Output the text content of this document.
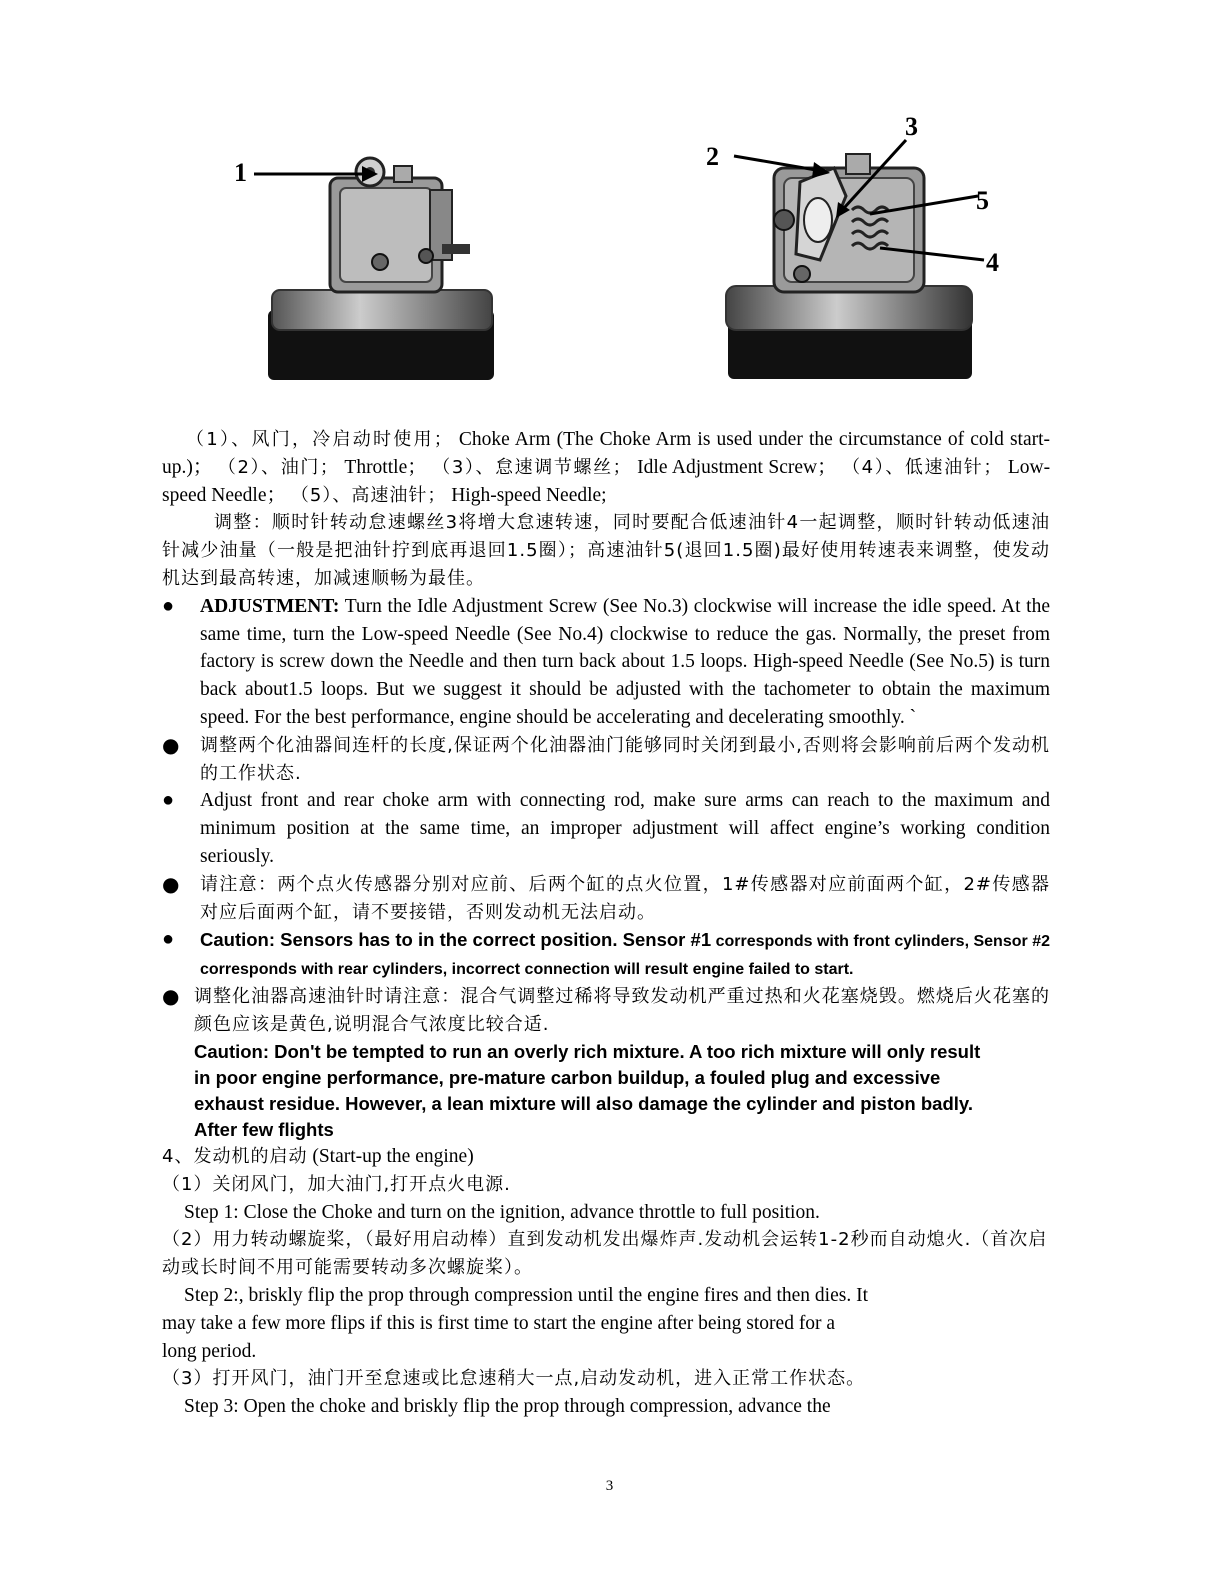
1
2
3
5
4

（1）、风门，冷启动时使用； Choke Arm (The Choke Arm is used under the circumstance of cold start-up.)； （2）、油门； Throttle； （3）、怠速调节螺丝； Idle Adjustment Screw； （4）、低速油针； Low-speed Needle； （5）、高速油针； High-speed Needle;

调整：顺时针转动怠速螺丝3将增大怠速转速，同时要配合低速油针4一起调整，顺时针转动低速油针减少油量（一般是把油针拧到底再退回1.5圈）；高速油针5(退回1.5圈)最好使用转速表来调整，使发动机达到最高转速，加减速顺畅为最佳。

● ADJUSTMENT: Turn the Idle Adjustment Screw (See No.3) clockwise will increase the idle speed. At the same time, turn the Low-speed Needle (See No.4) clockwise to reduce the gas. Normally, the preset from factory is screw down the Needle and then turn back about 1.5 loops. High-speed Needle (See No.5) is turn back about1.5 loops. But we suggest it should be adjusted with the tachometer to obtain the maximum speed. For the best performance, engine should be accelerating and decelerating smoothly. `

● 调整两个化油器间连杆的长度,保证两个化油器油门能够同时关闭到最小,否则将会影响前后两个发动机的工作状态.

● Adjust front and rear choke arm with connecting rod, make sure arms can reach to the maximum and minimum position at the same time, an improper adjustment will affect engine’s working condition seriously.

● 请注意：两个点火传感器分别对应前、后两个缸的点火位置，1#传感器对应前面两个缸，2#传感器对应后面两个缸，请不要接错，否则发动机无法启动。

● Caution: Sensors has to in the correct position. Sensor #1 corresponds with front cylinders, Sensor #2 corresponds with rear cylinders, incorrect connection will result engine failed to start.

● 调整化油器高速油针时请注意：混合气调整过稀将导致发动机严重过热和火花塞烧毁。燃烧后火花塞的颜色应该是黄色,说明混合气浓度比较合适.

Caution: Don't be tempted to run an overly rich mixture. A too rich mixture will only result in poor engine performance, pre-mature carbon buildup, a fouled plug and excessive exhaust residue. However, a lean mixture will also damage the cylinder and piston badly. After few flights

4、发动机的启动 (Start-up the engine)

（1）关闭风门，加大油门,打开点火电源.

Step 1: Close the Choke and turn on the ignition, advance throttle to full position.

（2）用力转动螺旋桨，（最好用启动棒）直到发动机发出爆炸声.发动机会运转1-2秒而自动熄火.（首次启动或长时间不用可能需要转动多次螺旋桨）。

Step 2:, briskly flip the prop through compression until the engine fires and then dies. It

may take a few more flips if this is first time to start the engine after being stored for a

long period.

（3）打开风门，油门开至怠速或比怠速稍大一点,启动发动机，进入正常工作状态。

Step 3: Open the choke and briskly flip the prop through compression, advance the

3
